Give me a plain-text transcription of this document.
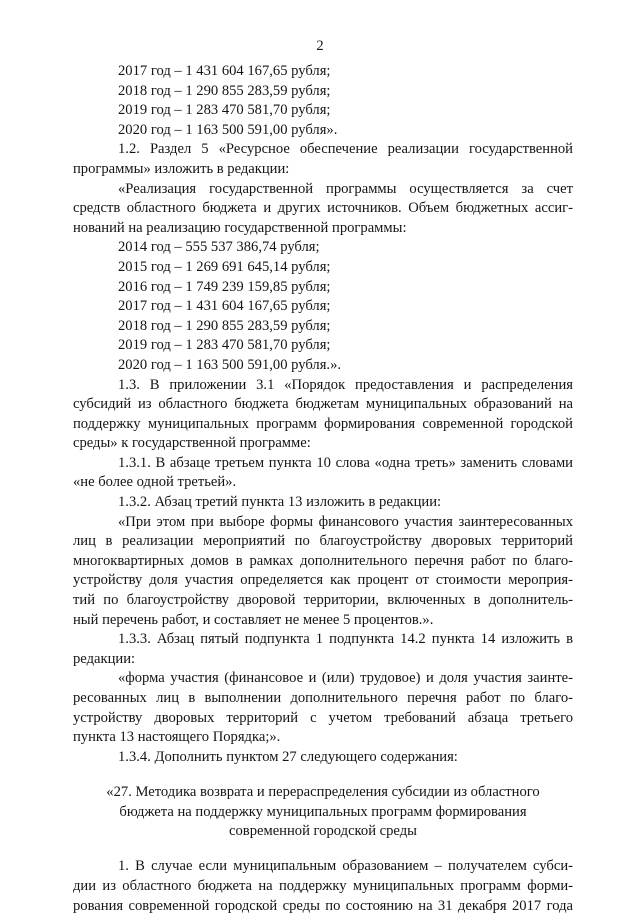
2
2017 год – 1 431 604 167,65 рубля;
2018 год – 1 290 855 283,59 рубля;
2019 год – 1 283 470 581,70 рубля;
2020 год – 1 163 500 591,00 рубля».
1.2. Раздел 5 «Ресурсное обеспечение реализации государственной
программы» изложить в редакции:
«Реализация государственной программы осуществляется за счет
средств областного бюджета и других источников. Объем бюджетных ассиг-
нований на реализацию государственной программы:
2014 год – 555 537 386,74 рубля;
2015 год – 1 269 691 645,14 рубля;
2016 год – 1 749 239 159,85 рубля;
2017 год – 1 431 604 167,65 рубля;
2018 год – 1 290 855 283,59 рубля;
2019 год – 1 283 470 581,70 рубля;
2020 год – 1 163 500 591,00 рубля.».
1.3. В приложении 3.1 «Порядок предоставления и распределения
субсидий из областного бюджета бюджетам муниципальных образований на
поддержку муниципальных программ формирования современной городской
среды» к государственной программе:
1.3.1. В абзаце третьем пункта 10 слова «одна треть» заменить словами
«не более одной третьей».
1.3.2. Абзац третий пункта 13 изложить в редакции:
«При этом при выборе формы финансового участия заинтересованных
лиц в реализации мероприятий по благоустройству дворовых территорий
многоквартирных домов в рамках дополнительного перечня работ по благо-
устройству доля участия определяется как процент от стоимости мероприя-
тий по благоустройству дворовой территории, включенных в дополнитель-
ный перечень работ, и составляет не менее 5 процентов.».
1.3.3. Абзац пятый подпункта 1 подпункта 14.2 пункта 14 изложить в
редакции:
«форма участия (финансовое и (или) трудовое) и доля участия заинте-
ресованных лиц в выполнении дополнительного перечня работ по благо-
устройству дворовых территорий с учетом требований абзаца третьего
пункта 13 настоящего Порядка;».
1.3.4. Дополнить пунктом 27 следующего содержания:
«27. Методика возврата и перераспределения субсидии из областного
бюджета на поддержку муниципальных программ формирования
современной городской среды
1. В случае если муниципальным образованием – получателем субси-
дии из областного бюджета на поддержку муниципальных программ форми-
рования современной городской среды по состоянию на 31 декабря 2017 года
